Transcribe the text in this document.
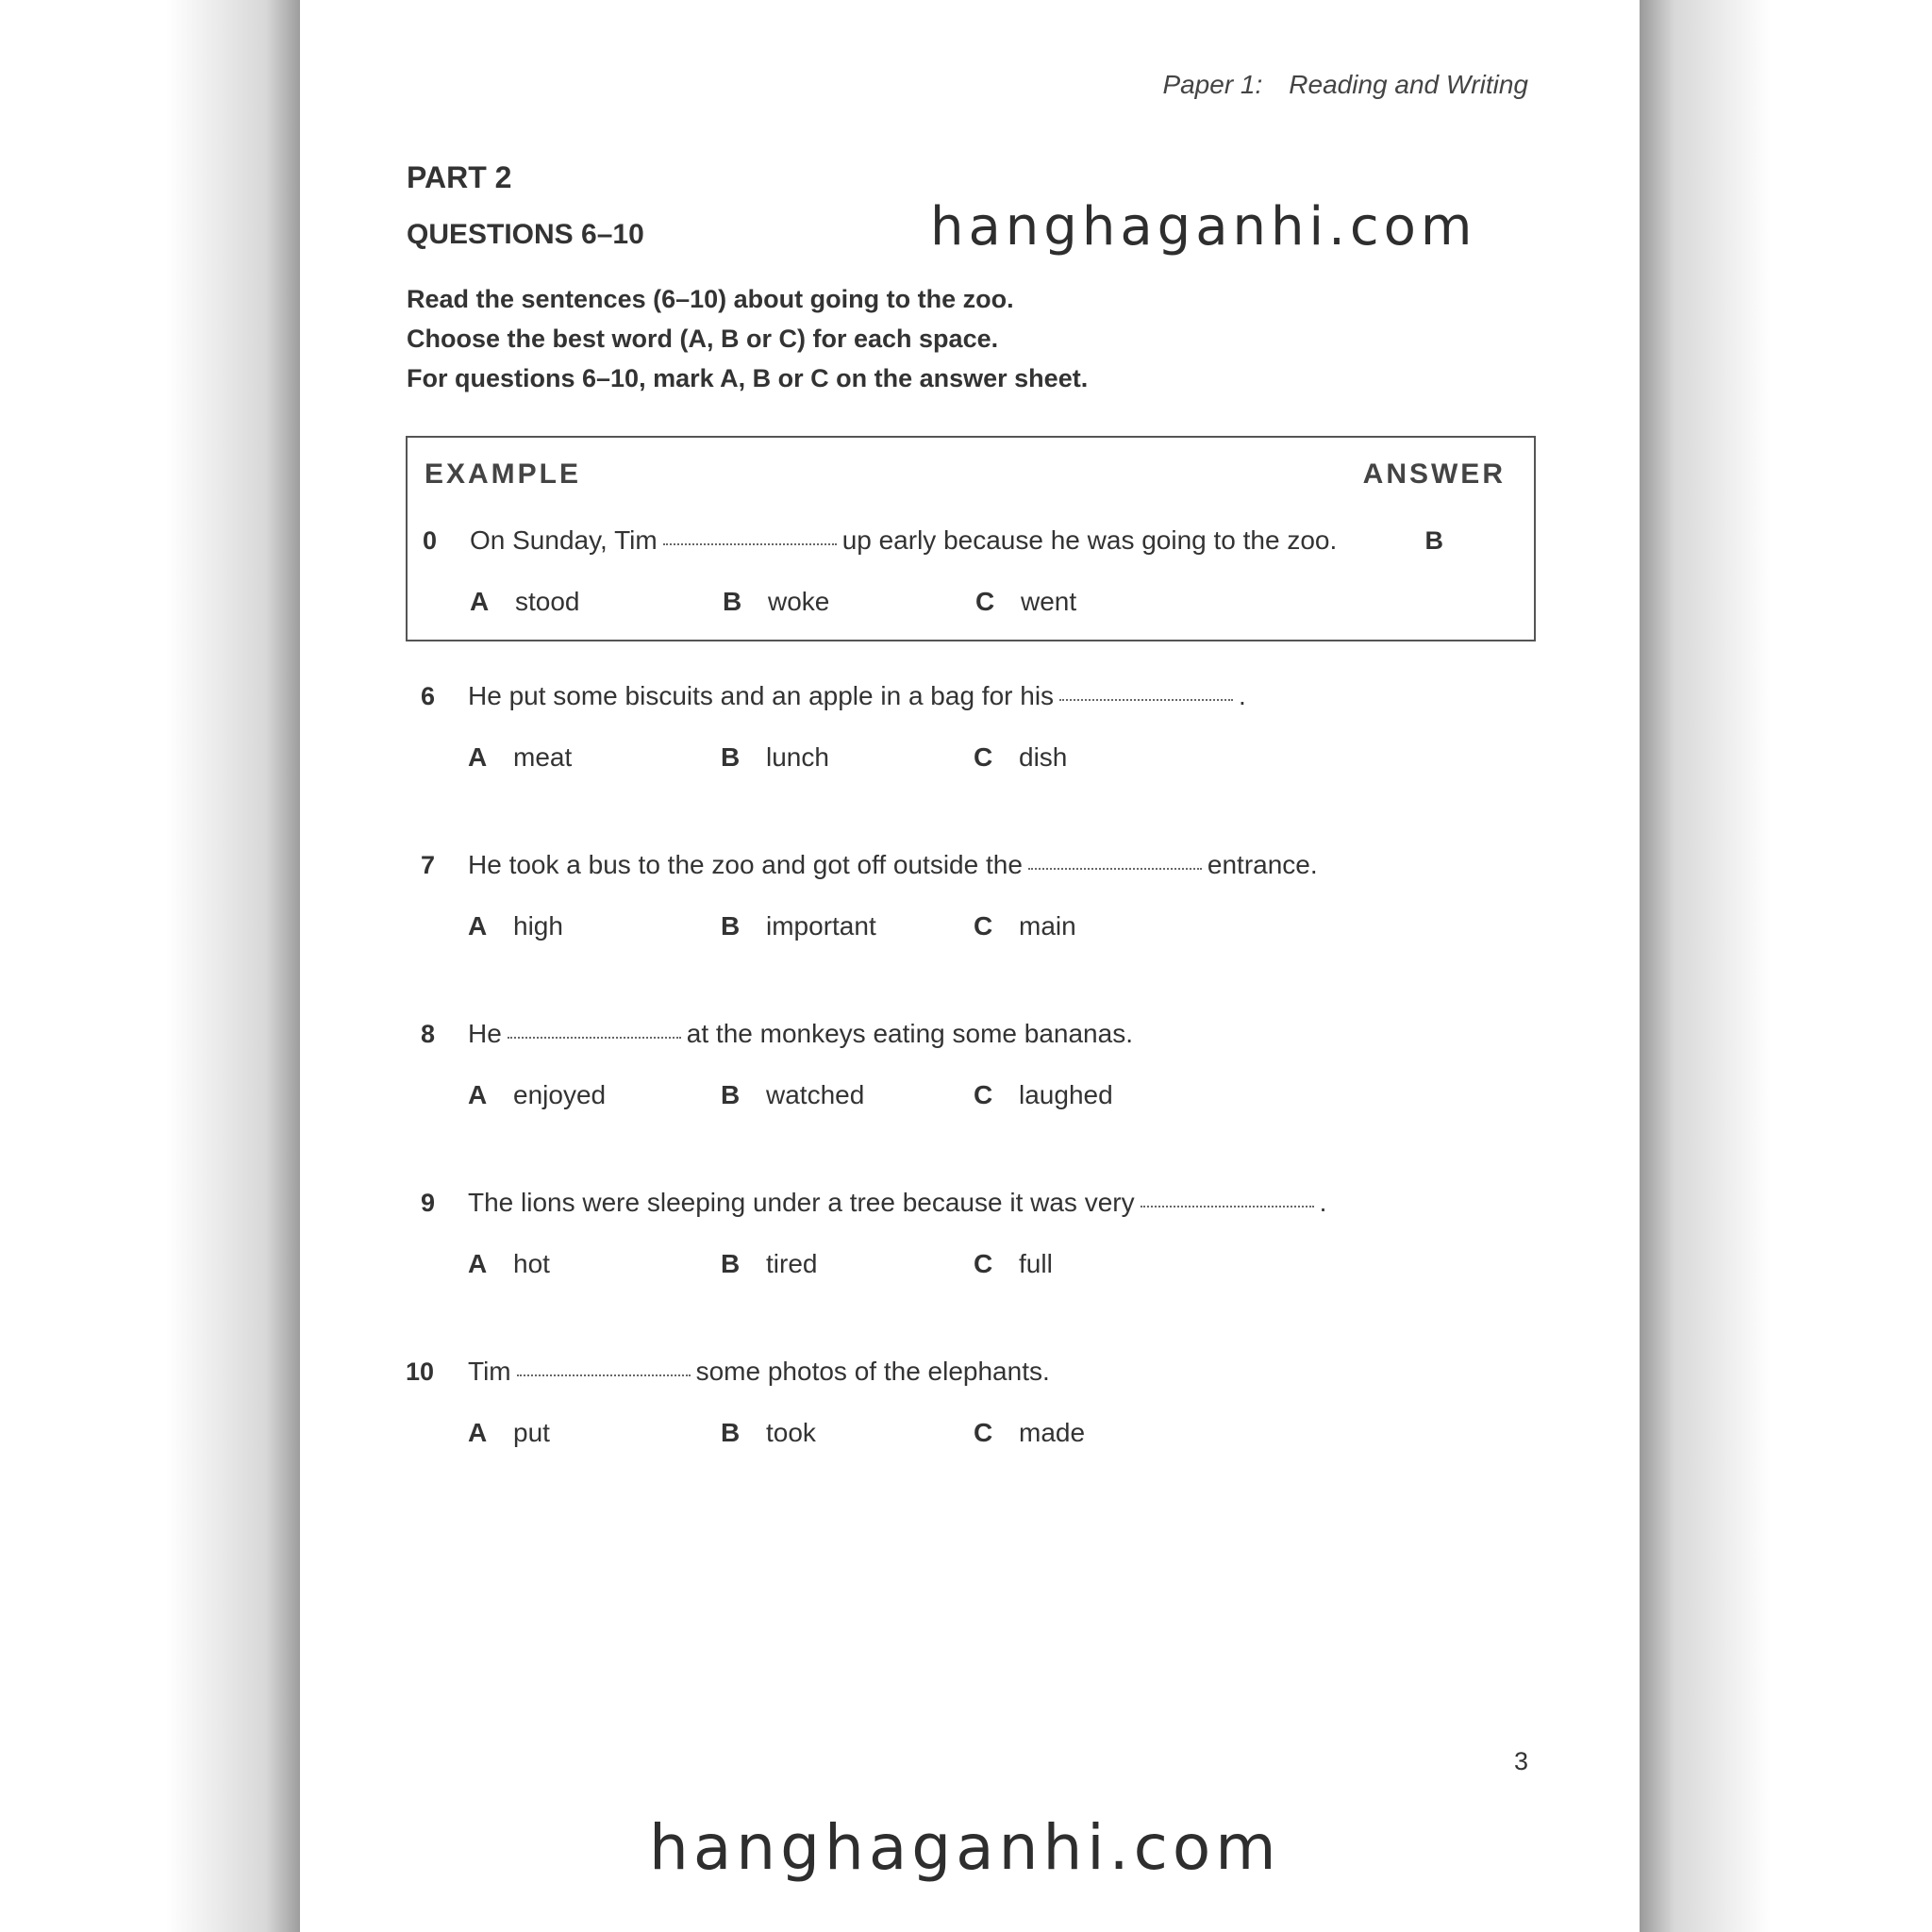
Paper 1: Reading and Writing
PART 2
QUESTIONS 6–10	hanghaganhi.com
Read the sentences (6–10) about going to the zoo.
Choose the best word (A, B or C) for each space.
For questions 6–10, mark A, B or C on the answer sheet.
EXAMPLE	ANSWER
0 On Sunday, Tim	up early because he was going to the zoo.	B
A stood	B woke	C went
6 He put some biscuits and an apple in a bag for his	.
A meat	B lunch	C dish
7 He took a bus to the zoo and got off outside the	entrance.
A high	B important	C main
8 He	at the monkeys eating some bananas.
A enjoyed	B watched	C laughed
9 The lions were sleeping under a tree because it was very	.
A hot	B tired	C full
10 Tim	some photos of the elephants.
A put	B took	C made
3
hanghaganhi.com
